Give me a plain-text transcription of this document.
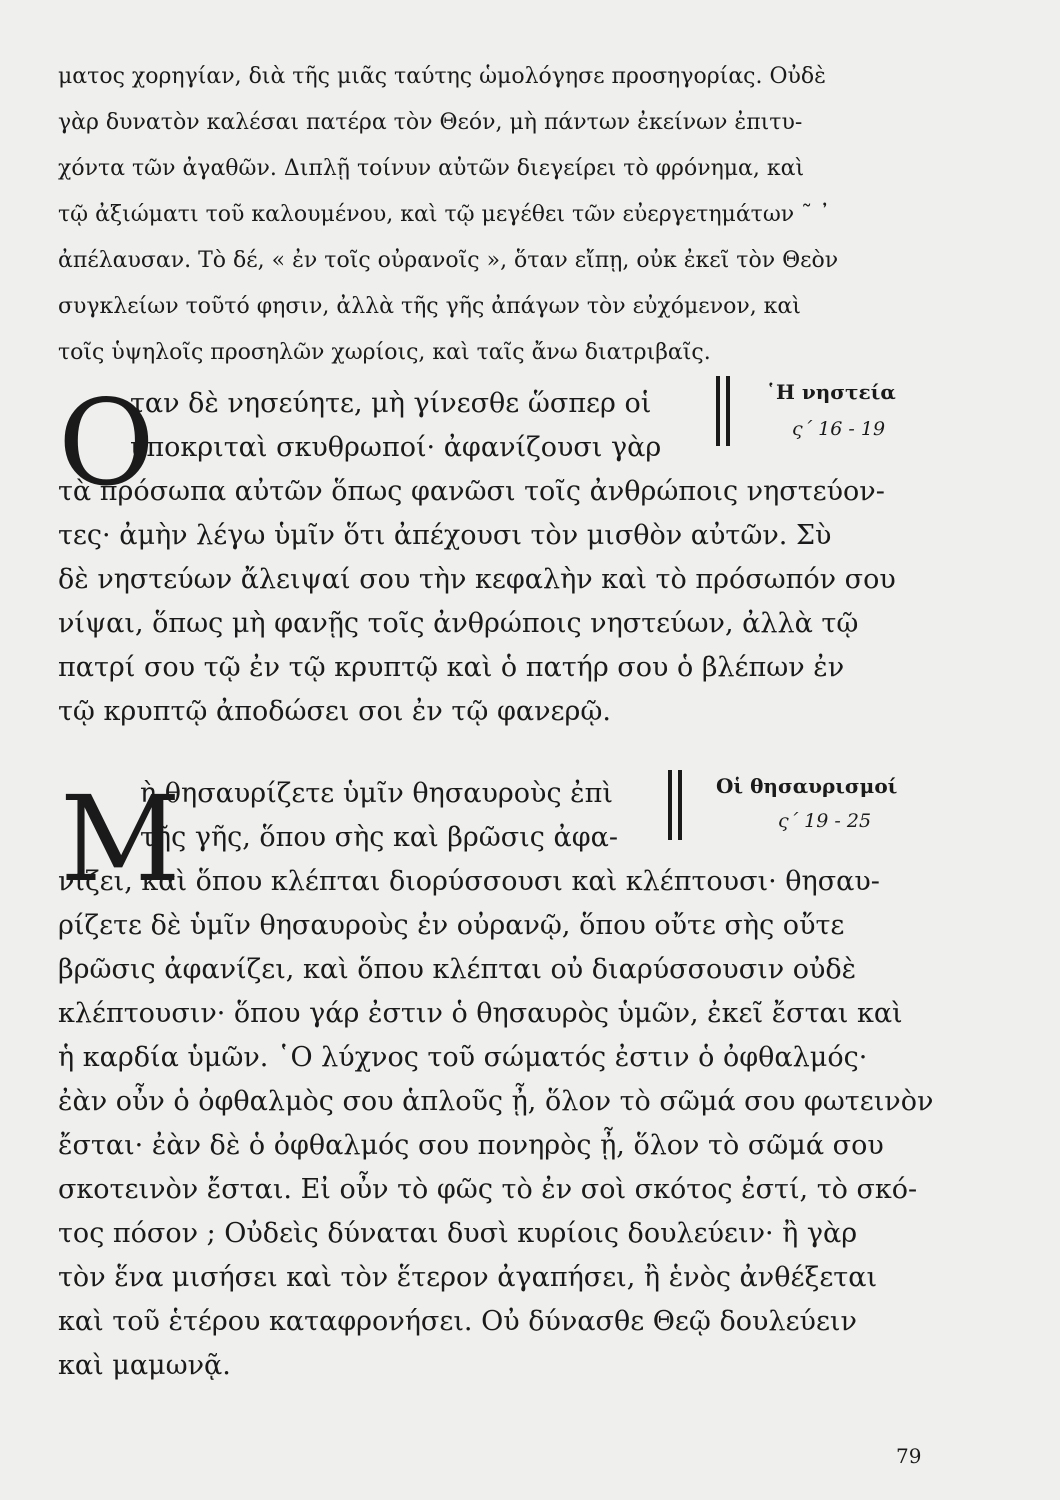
ματος χορηγίαν, διὰ τῆς μιᾶς ταύτης ὡμολόγησε προσηγορίας. Οὐδὲ
γὰρ δυνατὸν καλέσαι πατέρα τὸν Θεόν, μὴ πάντων ἐκείνων ἐπιτυ-
χόντα τῶν ἀγαθῶν. Διπλῇ τοίνυν αὐτῶν διεγείρει τὸ φρόνημα, καὶ
τῷ ἀξιώματι τοῦ καλουμένου, καὶ τῷ μεγέθει τῶν εὐεργετημάτων ˜ ᾽
ἀπέλαυσαν. Τὸ δέ, « ἐν τοῖς οὐρανοῖς », ὅταν εἴπῃ, οὐκ ἐκεῖ τὸν Θεὸν
συγκλείων τοῦτό φησιν, ἀλλὰ τῆς γῆς ἀπάγων τὸν εὐχόμενον, καὶ
τοῖς ὑψηλοῖς προσηλῶν χωρίοις, καὶ ταῖς ἄνω διατριβαῖς.
Ο
ταν δὲ νησεύητε, μὴ γίνεσθε ὥσπερ οἱ
ὑποκριταὶ σκυθρωποί· ἀφανίζουσι γὰρ
τὰ πρόσωπα αὐτῶν ὅπως φανῶσι τοῖς ἀνθρώποις νηστεύον-
τες· ἀμὴν λέγω ὑμῖν ὅτι ἀπέχουσι τὸν μισθὸν αὐτῶν. Σὺ
δὲ νηστεύων ἄλειψαί σου τὴν κεφαλὴν καὶ τὸ πρόσωπόν σου
νίψαι, ὅπως μὴ φανῇς τοῖς ἀνθρώποις νηστεύων, ἀλλὰ τῷ
πατρί σου τῷ ἐν τῷ κρυπτῷ καὶ ὁ πατήρ σου ὁ βλέπων ἐν
τῷ κρυπτῷ ἀποδώσει σοι ἐν τῷ φανερῷ.
῾Η νηστεία
ς΄ 16 - 19
Μ
ὴ θησαυρίζετε ὑμῖν θησαυροὺς ἐπὶ
τῆς γῆς, ὅπου σὴς καὶ βρῶσις ἀφα-
νίζει, καὶ ὅπου κλέπται διορύσσουσι καὶ κλέπτουσι· θησαυ-
ρίζετε δὲ ὑμῖν θησαυροὺς ἐν οὐρανῷ, ὅπου οὔτε σὴς οὔτε
βρῶσις ἀφανίζει, καὶ ὅπου κλέπται οὐ διαρύσσουσιν οὐδὲ
κλέπτουσιν· ὅπου γάρ ἐστιν ὁ θησαυρὸς ὑμῶν, ἐκεῖ ἔσται καὶ
ἡ καρδία ὑμῶν. ῾Ο λύχνος τοῦ σώματός ἐστιν ὁ ὀφθαλμός·
ἐὰν οὖν ὁ ὀφθαλμὸς σου ἁπλοῦς ᾖ, ὅλον τὸ σῶμά σου φωτεινὸν
ἔσται· ἐὰν δὲ ὁ ὀφθαλμός σου πονηρὸς ᾖ, ὅλον τὸ σῶμά σου
σκοτεινὸν ἔσται. Εἰ οὖν τὸ φῶς τὸ ἐν σοὶ σκότος ἐστί, τὸ σκό-
τος πόσον ; Οὐδεὶς δύναται δυσὶ κυρίοις δουλεύειν· ἢ γὰρ
τὸν ἕνα μισήσει καὶ τὸν ἕτερον ἀγαπήσει, ἢ ἑνὸς ἀνθέξεται
καὶ τοῦ ἑτέρου καταφρονήσει. Οὐ δύνασθε Θεῷ δουλεύειν
καὶ μαμωνᾷ.
Οἱ θησαυρισμοί
ς΄ 19 - 25
79
